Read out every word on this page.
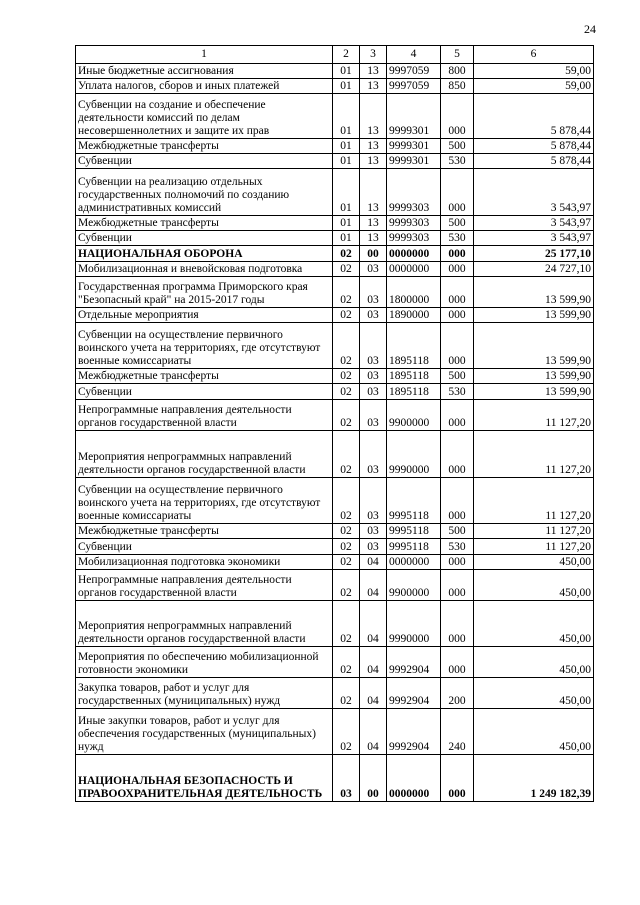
24
1	2	3	4	5	6
Иные бюджетные ассигнования	01	13	9997059	800	59,00
Уплата налогов, сборов и иных платежей	01	13	9997059	850	59,00
Субвенции на создание и обеспечение деятельности комиссий по делам несовершеннолетних и защите их прав	01	13	9999301	000	5 878,44
Межбюджетные трансферты	01	13	9999301	500	5 878,44
Субвенции	01	13	9999301	530	5 878,44
Субвенции на реализацию отдельных государственных полномочий по созданию административных комиссий	01	13	9999303	000	3 543,97
Межбюджетные трансферты	01	13	9999303	500	3 543,97
Субвенции	01	13	9999303	530	3 543,97
НАЦИОНАЛЬНАЯ ОБОРОНА	02	00	0000000	000	25 177,10
Мобилизационная и вневойсковая подготовка	02	03	0000000	000	24 727,10
Государственная программа Приморского края "Безопасный край" на 2015-2017 годы	02	03	1800000	000	13 599,90
Отдельные мероприятия	02	03	1890000	000	13 599,90
Субвенции на осуществление первичного воинского учета на территориях, где отсутствуют военные комиссариаты	02	03	1895118	000	13 599,90
Межбюджетные трансферты	02	03	1895118	500	13 599,90
Субвенции	02	03	1895118	530	13 599,90
Непрограммные направления деятельности органов государственной власти	02	03	9900000	000	11 127,20
Мероприятия непрограммных направлений деятельности органов государственной власти	02	03	9990000	000	11 127,20
Субвенции на осуществление первичного воинского учета на территориях, где отсутствуют военные комиссариаты	02	03	9995118	000	11 127,20
Межбюджетные трансферты	02	03	9995118	500	11 127,20
Субвенции	02	03	9995118	530	11 127,20
Мобилизационная подготовка экономики	02	04	0000000	000	450,00
Непрограммные направления деятельности органов государственной власти	02	04	9900000	000	450,00
Мероприятия непрограммных направлений деятельности органов государственной власти	02	04	9990000	000	450,00
Мероприятия по обеспечению мобилизационной готовности экономики	02	04	9992904	000	450,00
Закупка товаров, работ и услуг для государственных (муниципальных) нужд	02	04	9992904	200	450,00
Иные закупки товаров, работ и услуг для обеспечения государственных (муниципальных) нужд	02	04	9992904	240	450,00
НАЦИОНАЛЬНАЯ БЕЗОПАСНОСТЬ И ПРАВООХРАНИТЕЛЬНАЯ ДЕЯТЕЛЬНОСТЬ	03	00	0000000	000	1 249 182,39
